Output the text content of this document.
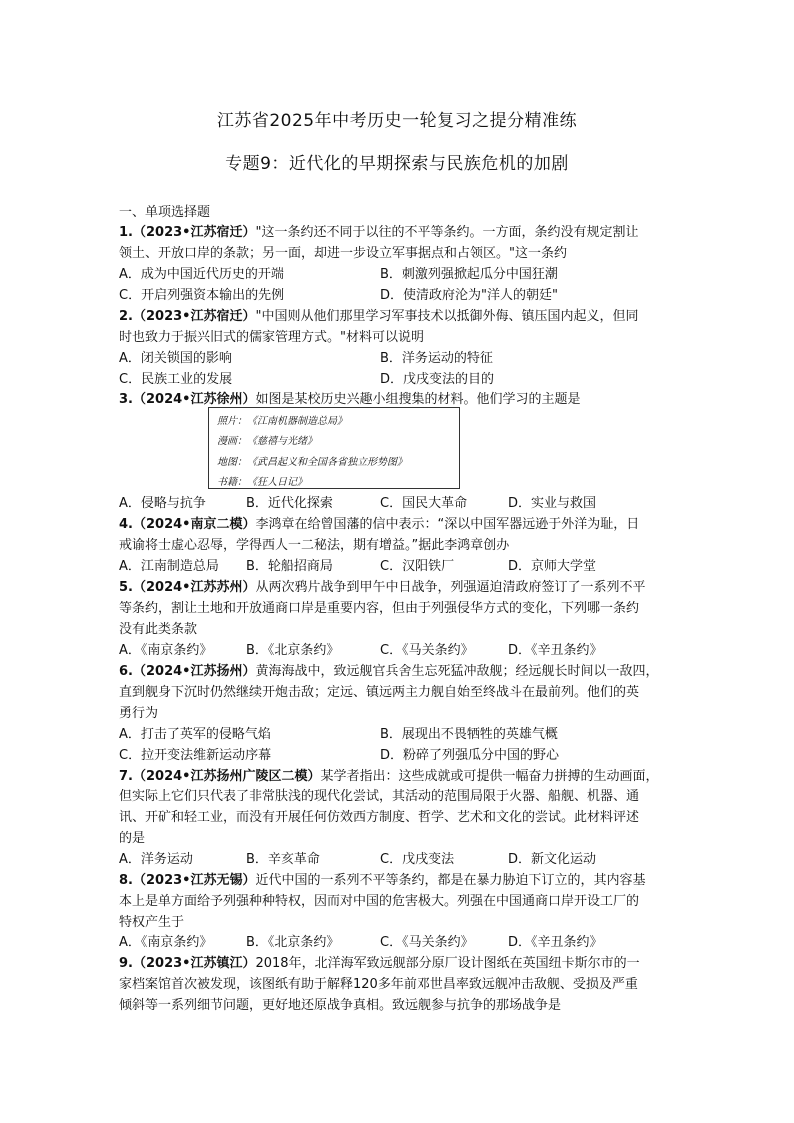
江苏省2025年中考历史一轮复习之提分精准练
专题9：近代化的早期探索与民族危机的加剧
一、单项选择题
1.（2023•江苏宿迁）"这一条约还不同于以往的不平等条约。一方面，条约没有规定割让
领土、开放口岸的条款；另一面，却进一步设立军事据点和占领区。"这一条约
A．成为中国近代历史的开端	B．刺激列强掀起瓜分中国狂潮
C．开启列强资本输出的先例	D．使清政府沦为"洋人的朝廷"
2.（2023•江苏宿迁）"中国则从他们那里学习军事技术以抵御外侮、镇压国内起义，但同
时也致力于振兴旧式的儒家管理方式。"材料可以说明
A．闭关锁国的影响	B．洋务运动的特征
C．民族工业的发展	D．戊戌变法的目的
3.（2024•江苏徐州）如图是某校历史兴趣小组搜集的材料。他们学习的主题是
照片：《江南机器制造总局》
漫画：《慈禧与光绪》
地图：《武昌起义和全国各省独立形势图》
书籍：《狂人日记》
A．侵略与抗争	B．近代化探索	C．国民大革命	D．实业与救国
4.（2024•南京二模）李鸿章在给曾国藩的信中表示：“深以中国军器远逊于外洋为耻，日
戒谕将士虚心忍辱，学得西人一二秘法，期有增益。”据此李鸿章创办
A．江南制造总局 B．轮船招商局	C．汉阳铁厂	D．京师大学堂
5.（2024•江苏苏州）从两次鸦片战争到甲午中日战争，列强逼迫清政府签订了一系列不平
等条约，割让土地和开放通商口岸是重要内容，但由于列强侵华方式的变化，下列哪一条约
没有此类条款
A．《南京条约》	B．《北京条约》	C．《马关条约》	D．《辛丑条约》
6.（2024•江苏扬州）黄海海战中，致远舰官兵舍生忘死猛冲敌舰；经远舰长时间以一敌四，
直到舰身下沉时仍然继续开炮击敌；定远、镇远两主力舰自始至终战斗在最前列。他们的英
勇行为
A．打击了英军的侵略气焰	B．展现出不畏牺牲的英雄气概
C．拉开变法维新运动序幕	D．粉碎了列强瓜分中国的野心
7.（2024•江苏扬州广陵区二模）某学者指出：这些成就或可提供一幅奋力拼搏的生动画面，
但实际上它们只代表了非常肤浅的现代化尝试，其活动的范围局限于火器、船舰、机器、通
讯、开矿和轻工业，而没有开展任何仿效西方制度、哲学、艺术和文化的尝试。此材料评述
的是
A．洋务运动	B．辛亥革命	C．戊戌变法	D．新文化运动
8.（2023•江苏无锡）近代中国的一系列不平等条约，都是在暴力胁迫下订立的，其内容基
本上是单方面给予列强种种特权，因而对中国的危害极大。列强在中国通商口岸开设工厂的
特权产生于
A．《南京条约》	B．《北京条约》	C．《马关条约》	D．《辛丑条约》
9.（2023•江苏镇江）2018年，北洋海军致远舰部分原厂设计图纸在英国纽卡斯尔市的一
家档案馆首次被发现，该图纸有助于解释120多年前邓世昌率致远舰冲击敌舰、受损及严重
倾斜等一系列细节问题，更好地还原战争真相。致远舰参与抗争的那场战争是
